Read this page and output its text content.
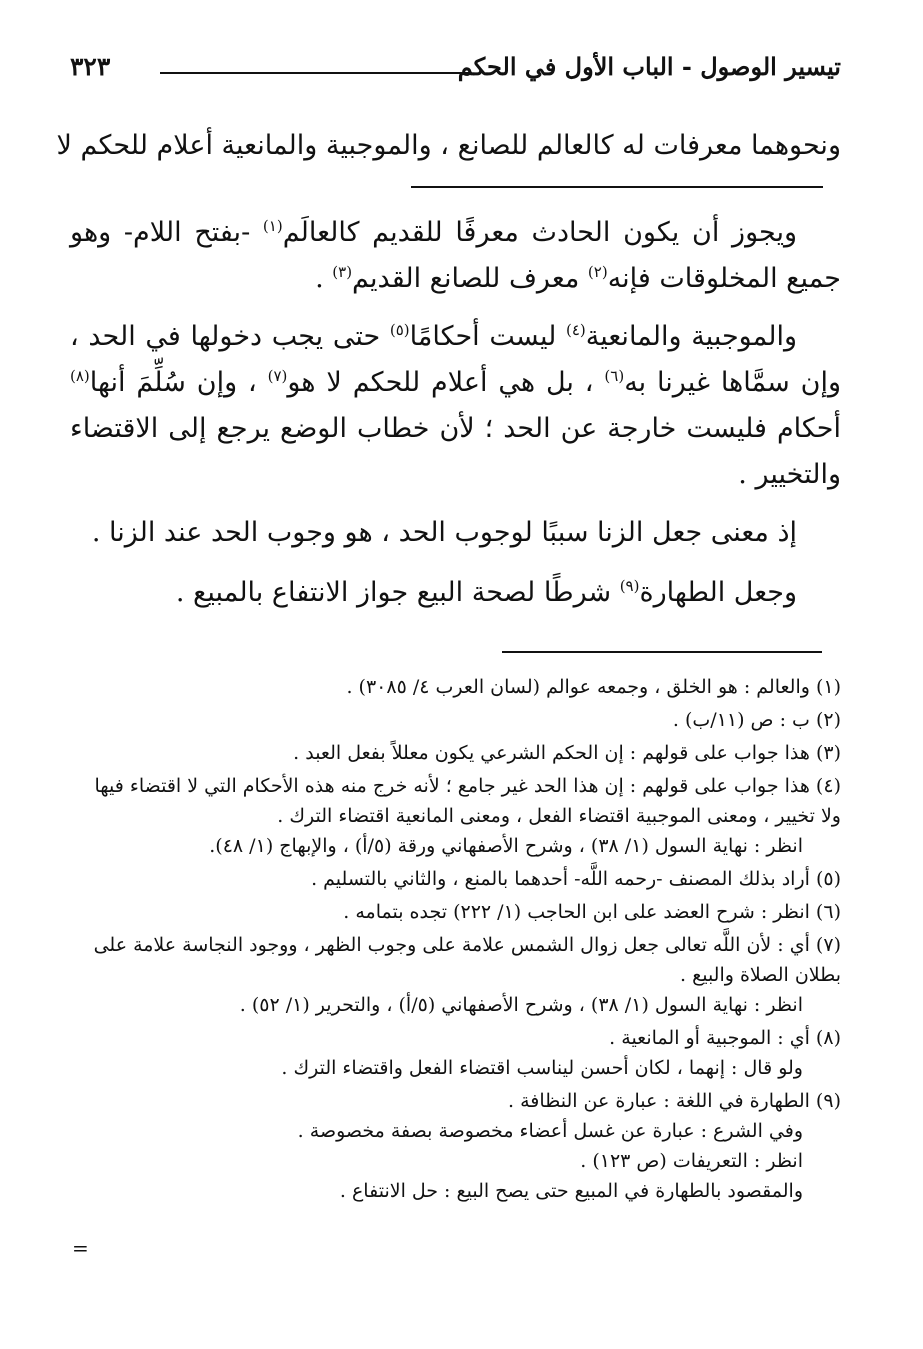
تيسير الوصول - الباب الأول في الحكم
٣٢٣
ونحوهما معرفات له كالعالم للصانع ، والموجبية والمانعية أعلام للحكم لا

ويجوز أن يكون الحادث معرفًا للقديم كالعالَم$^{(١)}$ -بفتح اللام- وهو جميع المخلوقات فإنه$^{(٢)}$ معرف للصانع القديم$^{(٣)}$ .

والموجبية والمانعية$^{(٤)}$ ليست أحكامًا$^{(٥)}$ حتى يجب دخولها في الحد ، وإن سمَّاها غيرنا به$^{(٦)}$ ، بل هي أعلام للحكم لا هو$^{(٧)}$ ، وإن سُلِّمَ أنها$^{(٨)}$ أحكام فليست خارجة عن الحد ؛ لأن خطاب الوضع يرجع إلى الاقتضاء والتخيير .

إذ معنى جعل الزنا سببًا لوجوب الحد ، هو وجوب الحد عند الزنا .

وجعل الطهارة$^{(٩)}$ شرطًا لصحة البيع جواز الانتفاع بالمبيع .

(١) والعالم : هو الخلق ، وجمعه عوالم (لسان العرب ٤/ ٣٠٨٥) .

(٢) ب : ص (١١/ب) .

(٣) هذا جواب على قولهم : إن الحكم الشرعي يكون معللاً بفعل العبد .

(٤) هذا جواب على قولهم : إن هذا الحد غير جامع ؛ لأنه خرج منه هذه الأحكام التي لا اقتضاء فيها ولا تخيير ، ومعنى الموجبية اقتضاء الفعل ، ومعنى المانعية اقتضاء الترك .

انظر : نهاية السول (١/ ٣٨) ، وشرح الأصفهاني ورقة (٥/أ) ، والإبهاج (١/ ٤٨).

(٥) أراد بذلك المصنف -رحمه اللَّه- أحدهما بالمنع ، والثاني بالتسليم .

(٦) انظر : شرح العضد على ابن الحاجب (١/ ٢٢٢) تجده بتمامه .

(٧) أي : لأن اللَّه تعالى جعل زوال الشمس علامة على وجوب الظهر ، ووجود النجاسة علامة على بطلان الصلاة والبيع .

انظر : نهاية السول (١/ ٣٨) ، وشرح الأصفهاني (٥/أ) ، والتحرير (١/ ٥٢) .

(٨) أي : الموجبية أو المانعية .

ولو قال : إنهما ، لكان أحسن ليناسب اقتضاء الفعل واقتضاء الترك .

(٩) الطهارة في اللغة : عبارة عن النظافة .

وفي الشرع : عبارة عن غسل أعضاء مخصوصة بصفة مخصوصة .

انظر : التعريفات (ص ١٢٣) .

والمقصود بالطهارة في المبيع حتى يصح البيع : حل الانتفاع .

=
